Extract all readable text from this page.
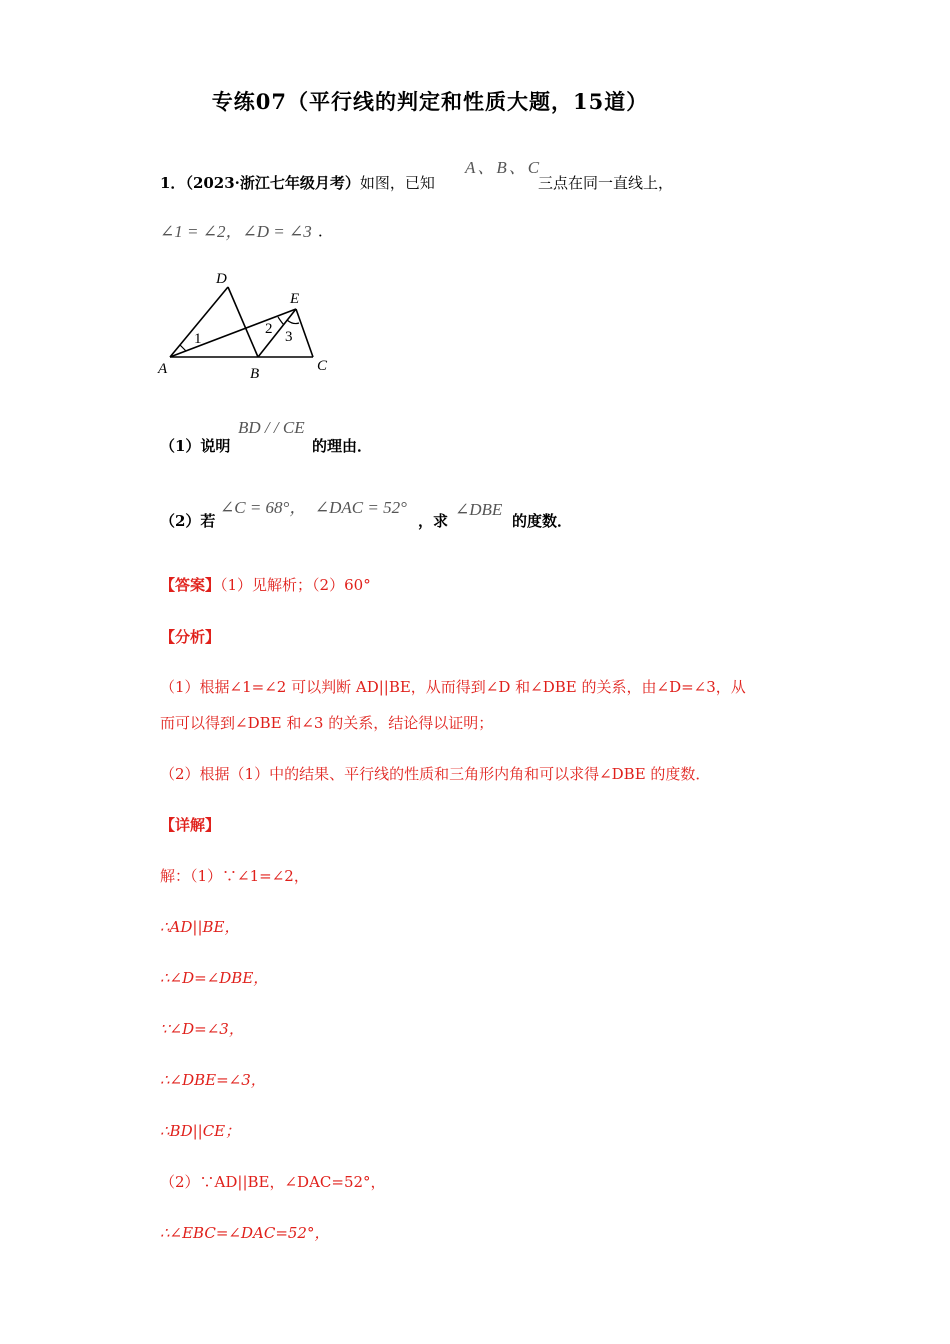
专练07（平行线的判定和性质大题，15道）
1．（2023·浙江七年级月考）如图，已知
A、B、C
三点在同一直线上，
∠1 = ∠2，∠D = ∠3 ．
D
E
A	B	C
1
2 3
（1）说明
BD / / CE
的理由．
（2）若
∠C = 68°，　∠DAC = 52°
，求
∠DBE
的度数．
【答案】（1）见解析；（2）60°
【分析】
（1）根据∠1=∠2 可以判断 AD||BE，从而得到∠D 和∠DBE 的关系，由∠D=∠3，从
而可以得到∠DBE 和∠3 的关系，结论得以证明；
（2）根据（1）中的结果、平行线的性质和三角形内角和可以求得∠DBE 的度数．
【详解】
解：（1）∵∠1=∠2，
∴AD||BE，
∴∠D=∠DBE，
∵∠D=∠3，
∴∠DBE=∠3，
∴BD||CE；
（2）∵AD||BE，∠DAC=52°，
∴∠EBC=∠DAC=52°，
